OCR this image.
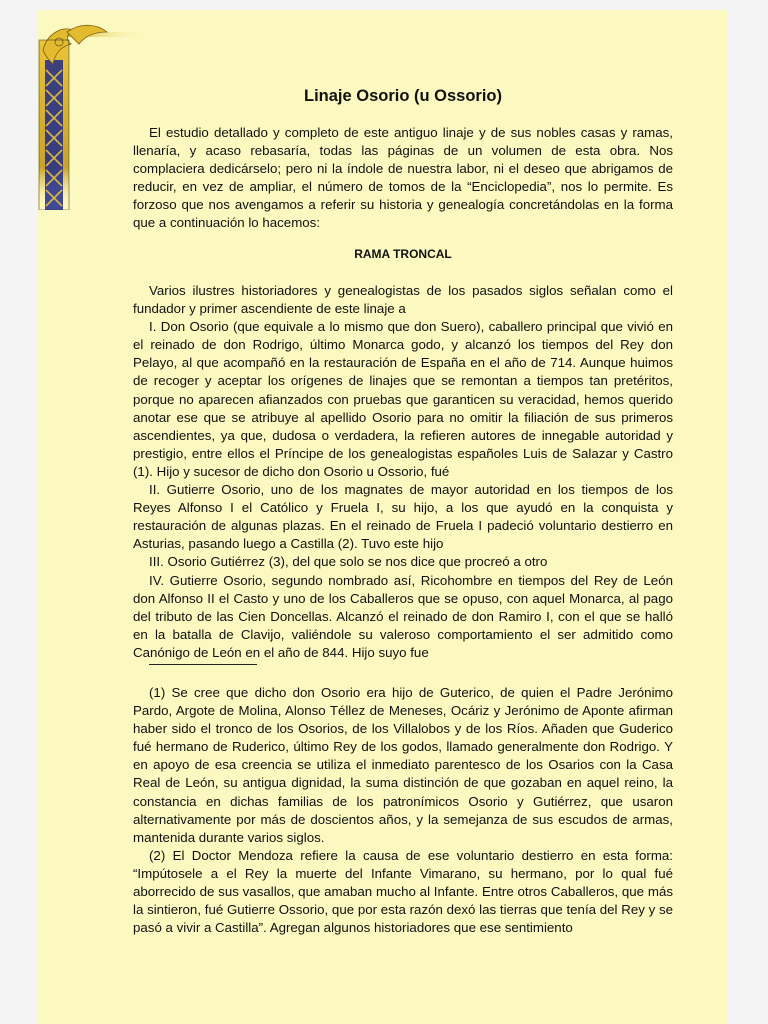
Linaje Osorio (u Ossorio)

El estudio detallado y completo de este antiguo linaje y de sus nobles casas y ramas, llenaría, y acaso rebasaría, todas las páginas de un volumen de esta obra. Nos complaciera dedicárselo; pero ni la índole de nuestra labor, ni el deseo que abrigamos de reducir, en vez de ampliar, el número de tomos de la “Enciclopedia”, nos lo permite. Es forzoso que nos avengamos a referir su historia y genealogía concretándolas en la forma que a continuación lo hacemos:

RAMA TRONCAL

Varios ilustres historiadores y genealogistas de los pasados siglos señalan como el fundador y primer ascendiente de este linaje a

I. Don Osorio (que equivale a lo mismo que don Suero), caballero principal que vivió en el reinado de don Rodrigo, último Monarca godo, y alcanzó los tiempos del Rey don Pelayo, al que acompañó en la restauración de España en el año de 714. Aunque huimos de recoger y aceptar los orígenes de linajes que se remontan a tiempos tan pretéritos, porque no aparecen afianzados con pruebas que garanticen su veracidad, hemos querido anotar ese que se atribuye al apellido Osorio para no omitir la filiación de sus primeros ascendientes, ya que, dudosa o verdadera, la refieren autores de innegable autoridad y prestigio, entre ellos el Príncipe de los genealogistas españoles Luis de Salazar y Castro (1). Hijo y sucesor de dicho don Osorio u Ossorio, fué

II. Gutierre Osorio, uno de los magnates de mayor autoridad en los tiempos de los Reyes Alfonso I el Católico y Fruela I, su hijo, a los que ayudó en la conquista y restauración de algunas plazas. En el reinado de Fruela I padeció voluntario destierro en Asturias, pasando luego a Castilla (2). Tuvo este hijo

III. Osorio Gutiérrez (3), del que solo se nos dice que procreó a otro

IV. Gutierre Osorio, segundo nombrado así, Ricohombre en tiempos del Rey de León don Alfonso II el Casto y uno de los Caballeros que se opuso, con aquel Monarca, al pago del tributo de las Cien Doncellas. Alcanzó el reinado de don Ramiro I, con el que se halló en la batalla de Clavijo, valiéndole su valeroso comportamiento el ser admitido como Canónigo de León en el año de 844. Hijo suyo fue

(1) Se cree que dicho don Osorio era hijo de Guterico, de quien el Padre Jerónimo Pardo, Argote de Molina, Alonso Téllez de Meneses, Ocáriz y Jerónimo de Aponte afirman haber sido el tronco de los Osorios, de los Villalobos y de los Ríos. Añaden que Guderico fué hermano de Ruderico, último Rey de los godos, llamado generalmente don Rodrigo. Y en apoyo de esa creencia se utiliza el inmediato parentesco de los Osarios con la Casa Real de León, su antigua dignidad, la suma distinción de que gozaban en aquel reino, la constancia en dichas familias de los patronímicos Osorio y Gutiérrez, que usaron alternativamente por más de doscientos años, y la semejanza de sus escudos de armas, mantenida durante varios siglos.

(2) El Doctor Mendoza refiere la causa de ese voluntario destierro en esta forma: “Impútosele a el Rey la muerte del Infante Vimarano, su hermano, por lo qual fué aborrecido de sus vasallos, que amaban mucho al Infante. Entre otros Caballeros, que más la sintieron, fué Gutierre Ossorio, que por esta razón dexó las tierras que tenía del Rey y se pasó a vivir a Castilla”. Agregan algunos historiadores que ese sentimiento
